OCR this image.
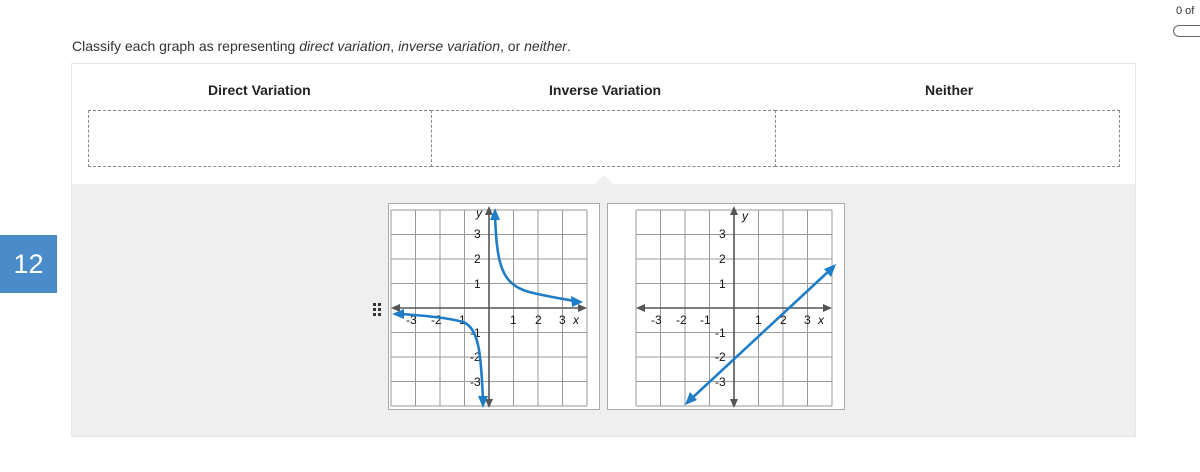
12
0 of
Classify each graph as representing direct variation, inverse variation, or neither.
Direct Variation	Inverse Variation	Neither
3
2
1
-1
-2
-3
-3 -2 -1	1 2 3 x
y
3
2
1
-1
-2
-3
-3 -2 -1	1 2 3 x
y
